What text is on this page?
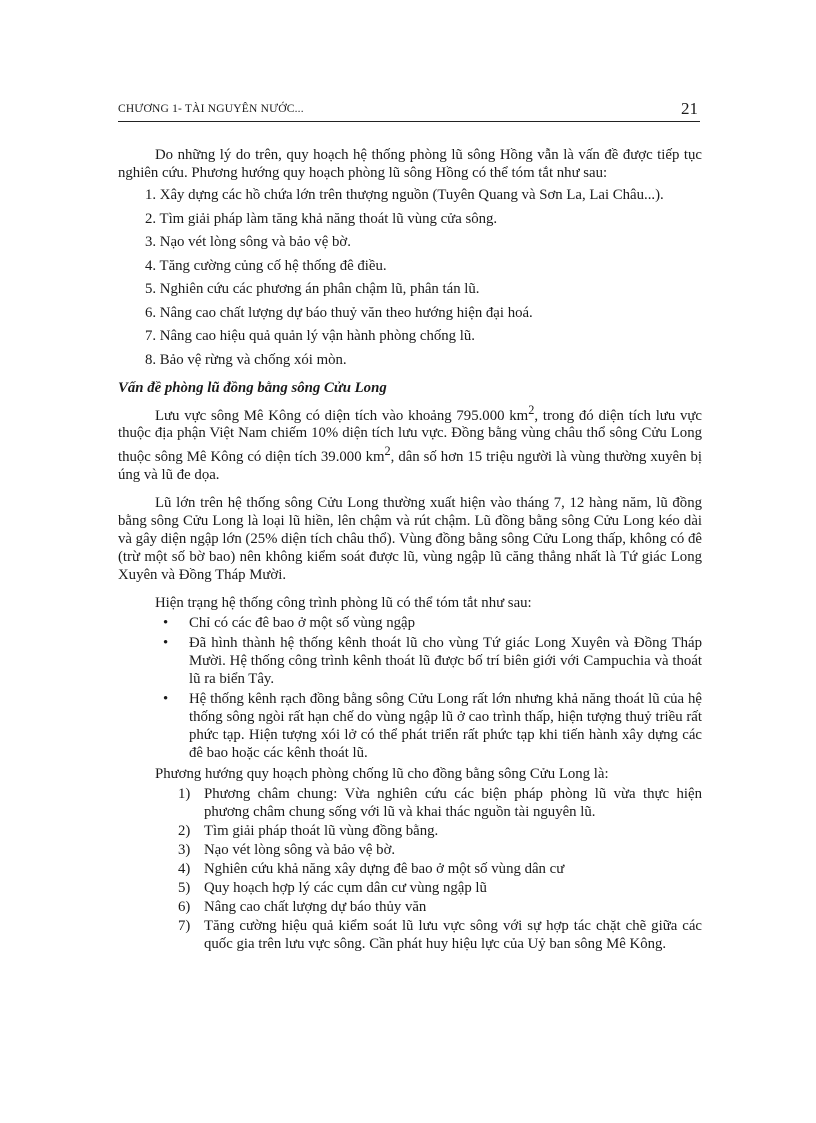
CHƯƠNG 1- TÀI NGUYÊN NƯỚC...	21

Do những lý do trên, quy hoạch hệ thống phòng lũ sông Hồng vẫn là vấn đề được tiếp tục nghiên cứu. Phương hướng quy hoạch phòng lũ sông Hồng có thể tóm tắt như sau:

1. Xây dựng các hồ chứa lớn trên thượng nguồn (Tuyên Quang và Sơn La, Lai Châu...).
2. Tìm giải pháp làm tăng khả năng thoát lũ vùng cửa sông.
3. Nạo vét lòng sông và bảo vệ bờ.
4. Tăng cường củng cố hệ thống đê điều.
5. Nghiên cứu các phương án phân chậm lũ, phân tán lũ.
6. Nâng cao chất lượng dự báo thuỷ văn theo hướng hiện đại hoá.
7. Nâng cao hiệu quả quản lý vận hành phòng chống lũ.
8. Bảo vệ rừng và chống xói mòn.

Vấn đề phòng lũ đồng bằng sông Cửu Long

Lưu vực sông Mê Kông có diện tích vào khoảng 795.000 $km^2$, trong đó diện tích lưu vực thuộc địa phận Việt Nam chiếm 10% diện tích lưu vực. Đồng bằng vùng châu thổ sông Cửu Long thuộc sông Mê Kông có diện tích 39.000 $km^2$, dân số hơn 15 triệu người là vùng thường xuyên bị úng và lũ đe dọa.

Lũ lớn trên hệ thống sông Cửu Long thường xuất hiện vào tháng 7, 12 hàng năm, lũ đồng bằng sông Cửu Long là loại lũ hiền, lên chậm và rút chậm. Lũ đồng bằng sông Cửu Long kéo dài và gây diện ngập lớn (25% diện tích châu thổ). Vùng đồng bằng sông Cửu Long thấp, không có đê (trừ một số bờ bao) nên không kiểm soát được lũ, vùng ngập lũ căng thẳng nhất là Tứ giác Long Xuyên và Đồng Tháp Mười.

Hiện trạng hệ thống công trình phòng lũ có thể tóm tắt như sau:

• Chỉ có các đê bao ở một số vùng ngập
• Đã hình thành hệ thống kênh thoát lũ cho vùng Tứ giác Long Xuyên và Đồng Tháp Mười. Hệ thống công trình kênh thoát lũ được bố trí biên giới với Campuchia và thoát lũ ra biển Tây.
• Hệ thống kênh rạch đồng bằng sông Cửu Long rất lớn nhưng khả năng thoát lũ của hệ thống sông ngòi rất hạn chế do vùng ngập lũ ở cao trình thấp, hiện tượng thuỷ triều rất phức tạp. Hiện tượng xói lở có thể phát triển rất phức tạp khi tiến hành xây dựng các đê bao hoặc các kênh thoát lũ.

Phương hướng quy hoạch phòng chống lũ cho đồng bằng sông Cửu Long là:

1) Phương châm chung: Vừa nghiên cứu các biện pháp phòng lũ vừa thực hiện phương châm chung sống với lũ và khai thác nguồn tài nguyên lũ.
2) Tìm giải pháp thoát lũ vùng đồng bằng.
3) Nạo vét lòng sông và bảo vệ bờ.
4) Nghiên cứu khả năng xây dựng đê bao ở một số vùng dân cư
5) Quy hoạch hợp lý các cụm dân cư vùng ngập lũ
6) Nâng cao chất lượng dự báo thủy văn
7) Tăng cường hiệu quả kiểm soát lũ lưu vực sông với sự hợp tác chặt chẽ giữa các quốc gia trên lưu vực sông. Cần phát huy hiệu lực của Uỷ ban sông Mê Kông.
